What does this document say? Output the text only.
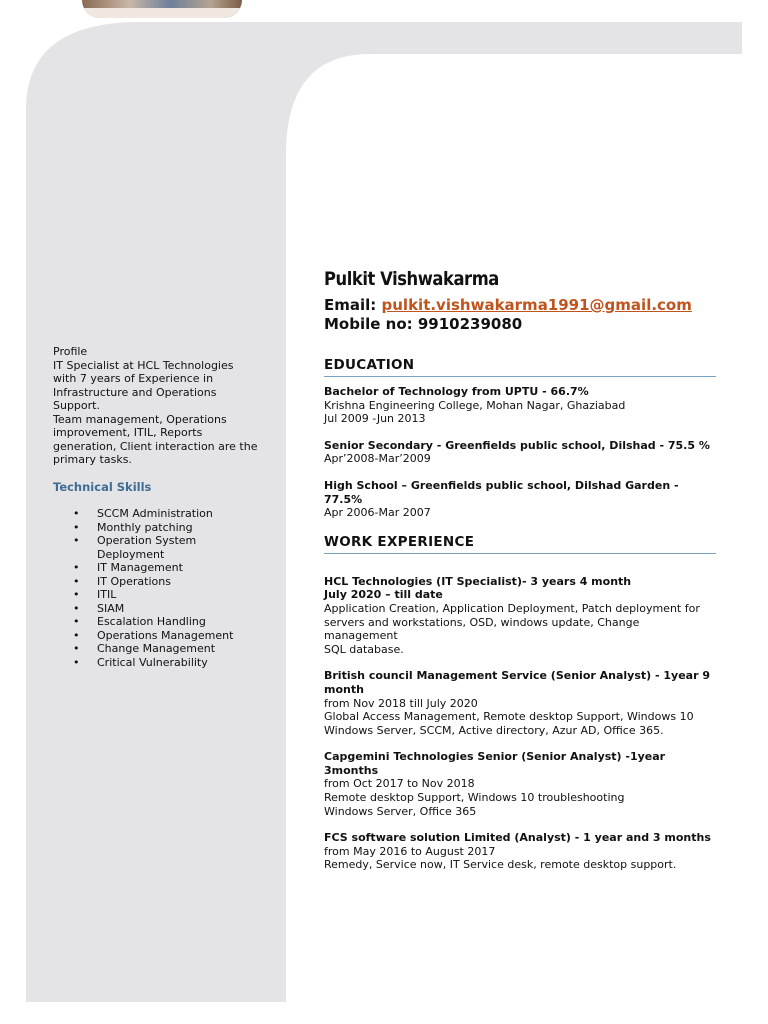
Profile

IT Specialist at HCL Technologies

with 7 years of Experience in

Infrastructure and Operations

Support.

Team management, Operations

improvement, ITIL, Reports

generation, Client interaction are the

primary tasks.

Technical Skills
• SCCM Administration
• Monthly patching
• Operation System
Deployment
• IT Management
• IT Operations
• ITIL
• SIAM
• Escalation Handling
• Operations Management
• Change Management
• Critical Vulnerability
Pulkit Vishwakarma

Email: pulkit.vishwakarma1991@gmail.com

Mobile no: 9910239080

EDUCATION

Bachelor of Technology from UPTU - 66.7%

Krishna Engineering College, Mohan Nagar, Ghaziabad

Jul 2009 -Jun 2013

Senior Secondary - Greenfields public school, Dilshad - 75.5 %

Apr’2008-Mar’2009

High School – Greenfields public school, Dilshad Garden - 77.5%

Apr 2006-Mar 2007

WORK EXPERIENCE

HCL Technologies (IT Specialist)- 3 years 4 month

July 2020 – till date

Application Creation, Application Deployment, Patch deployment for servers and workstations, OSD, windows update, Change management

SQL database.

British council Management Service (Senior Analyst) - 1year 9 month

from Nov 2018 till July 2020

Global Access Management, Remote desktop Support, Windows 10

Windows Server, SCCM, Active directory, Azur AD, Office 365.

Capgemini Technologies Senior (Senior Analyst) -1year 3months

from Oct 2017 to Nov 2018

Remote desktop Support, Windows 10 troubleshooting

Windows Server, Office 365

FCS software solution Limited (Analyst) - 1 year and 3 months

from May 2016 to August 2017

Remedy, Service now, IT Service desk, remote desktop support.
